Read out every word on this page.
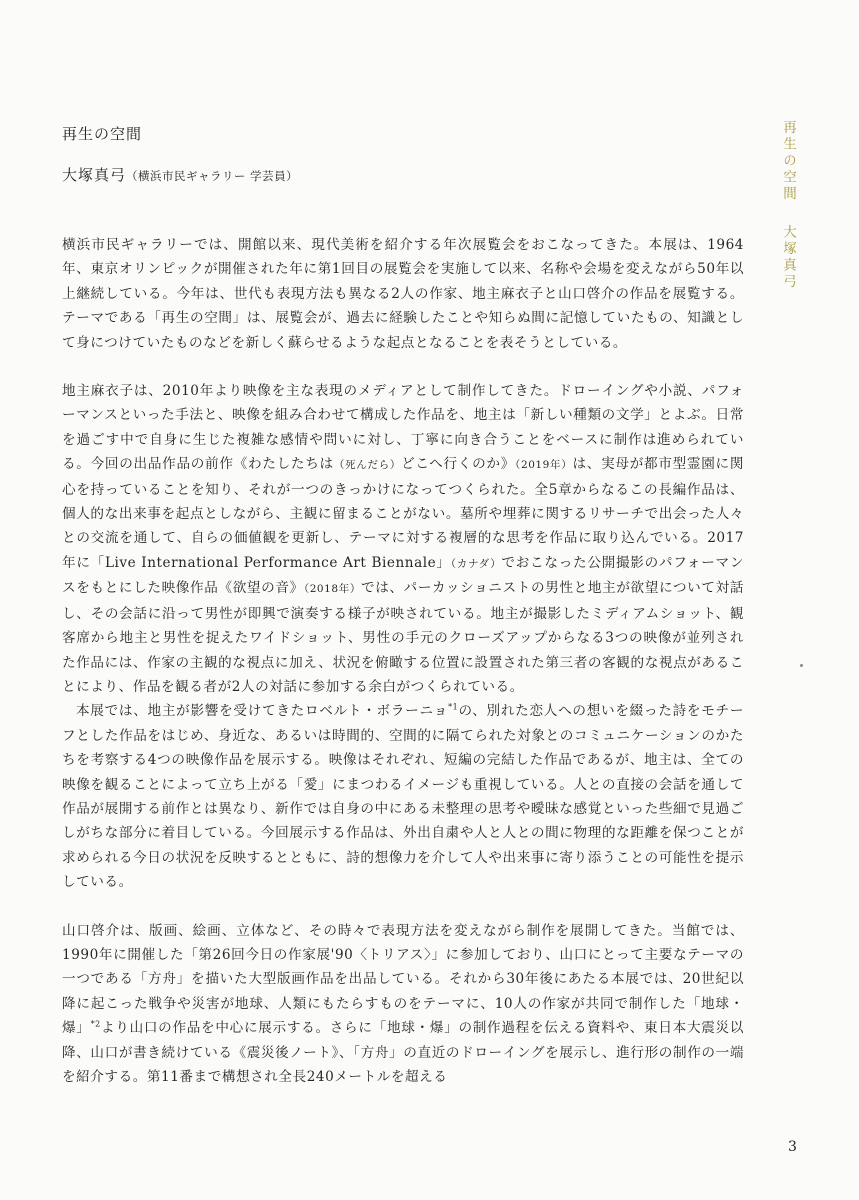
再生の空間
大塚真弓（横浜市民ギャラリー 学芸員）

横浜市民ギャラリーでは、開館以来、現代美術を紹介する年次展覧会をおこなってきた。本展は、1964年、東京オリンピックが開催された年に第1回目の展覧会を実施して以来、名称や会場を変えながら50年以上継続している。今年は、世代も表現方法も異なる2人の作家、地主麻衣子と山口啓介の作品を展覧する。テーマである「再生の空間」は、展覧会が、過去に経験したことや知らぬ間に記憶していたもの、知識として身につけていたものなどを新しく蘇らせるような起点となることを表そうとしている。

地主麻衣子は、2010年より映像を主な表現のメディアとして制作してきた。ドローイングや小説、パフォーマンスといった手法と、映像を組み合わせて構成した作品を、地主は「新しい種類の文学」とよぶ。日常を過ごす中で自身に生じた複雑な感情や問いに対し、丁寧に向き合うことをベースに制作は進められている。今回の出品作品の前作《わたしたちは（死んだら）どこへ行くのか》（2019年）は、実母が都市型霊園に関心を持っていることを知り、それが一つのきっかけになってつくられた。全5章からなるこの長編作品は、個人的な出来事を起点としながら、主観に留まることがない。墓所や埋葬に関するリサーチで出会った人々との交流を通して、自らの価値観を更新し、テーマに対する複層的な思考を作品に取り込んでいる。2017年に「Live International Performance Art Biennale」（カナダ）でおこなった公開撮影のパフォーマンスをもとにした映像作品《欲望の音》（2018年）では、パーカッショニストの男性と地主が欲望について対話し、その会話に沿って男性が即興で演奏する様子が映されている。地主が撮影したミディアムショット、観客席から地主と男性を捉えたワイドショット、男性の手元のクローズアップからなる3つの映像が並列された作品には、作家の主観的な視点に加え、状況を俯瞰する位置に設置された第三者の客観的な視点があることにより、作品を観る者が2人の対話に参加する余白がつくられている。

本展では、地主が影響を受けてきたロベルト・ボラーニョ$^{*1}$の、別れた恋人への想いを綴った詩をモチーフとした作品をはじめ、身近な、あるいは時間的、空間的に隔てられた対象とのコミュニケーションのかたちを考察する4つの映像作品を展示する。映像はそれぞれ、短編の完結した作品であるが、地主は、全ての映像を観ることによって立ち上がる「愛」にまつわるイメージも重視している。人との直接の会話を通して作品が展開する前作とは異なり、新作では自身の中にある未整理の思考や曖昧な感覚といった些細で見過ごしがちな部分に着目している。今回展示する作品は、外出自粛や人と人との間に物理的な距離を保つことが求められる今日の状況を反映するとともに、詩的想像力を介して人や出来事に寄り添うことの可能性を提示している。

山口啓介は、版画、絵画、立体など、その時々で表現方法を変えながら制作を展開してきた。当館では、1990年に開催した「第26回今日の作家展'90〈トリアス〉」に参加しており、山口にとって主要なテーマの一つである「方舟」を描いた大型版画作品を出品している。それから30年後にあたる本展では、20世紀以降に起こった戦争や災害が地球、人類にもたらすものをテーマに、10人の作家が共同で制作した「地球・爆」$^{*2}$より山口の作品を中心に展示する。さらに「地球・爆」の制作過程を伝える資料や、東日本大震災以降、山口が書き続けている《震災後ノート》、「方舟」の直近のドローイングを展示し、進行形の制作の一端を紹介する。第11番まで構想され全長240メートルを超える

再生の空間大塚真弓
3
